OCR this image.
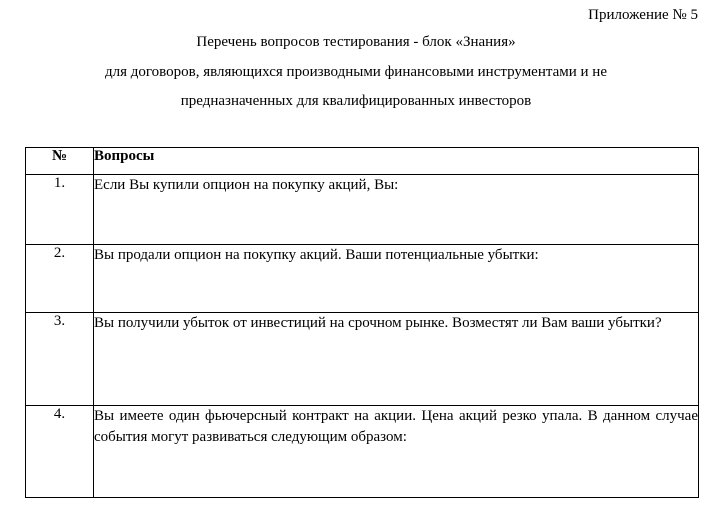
Приложение № 5
Перечень вопросов тестирования - блок «Знания»
для договоров, являющихся производными финансовыми инструментами и не
предназначенных для квалифицированных инвесторов
№	Вопросы
1.	Если Вы купили опцион на покупку акций, Вы:
2.	Вы продали опцион на покупку акций. Ваши потенциальные убытки:
3.	Вы получили убыток от инвестиций на срочном рынке. Возместят ли Вам ваши убытки?
4.	Вы имеете один фьючерсный контракт на акции. Цена акций резко упала. В данном случае события могут развиваться следующим образом:
